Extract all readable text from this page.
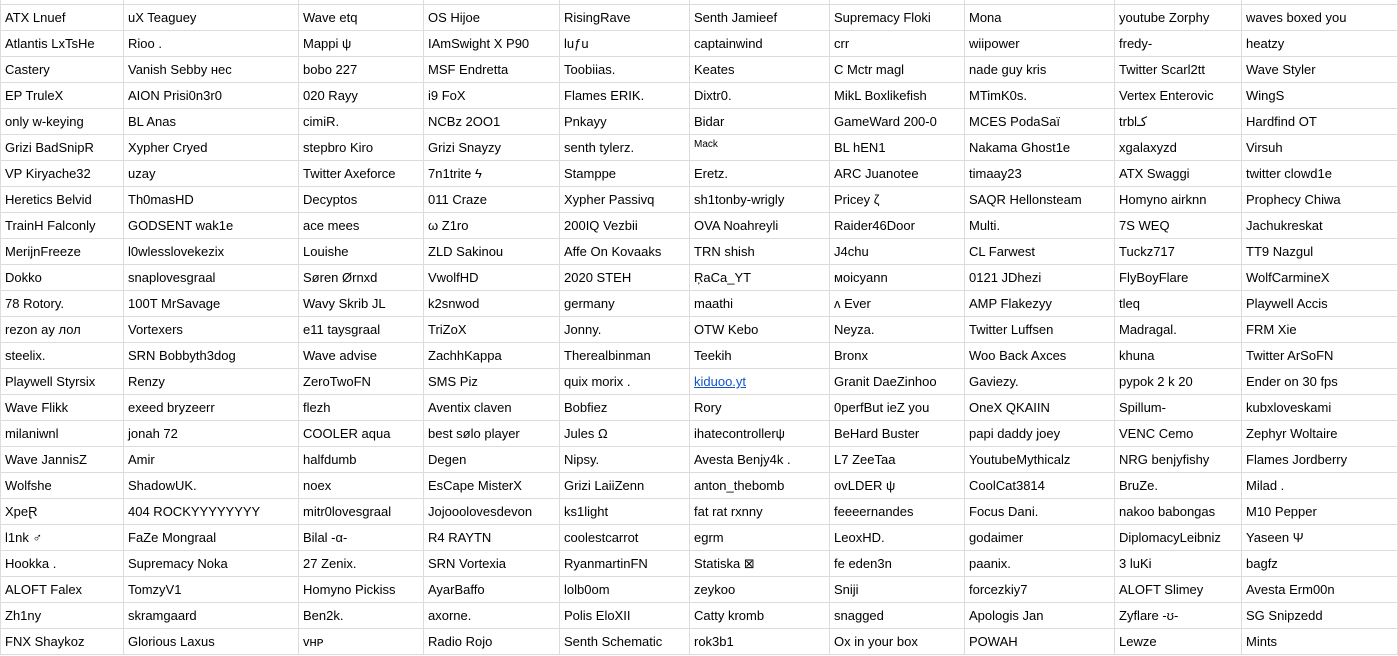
ATX Lnuef	uX Teaguey	Wave etq	OS Hijoe	RisingRave	Senth Jamieef	Supremacy Floki	Mona	youtube Zorphy	waves boxed you
Atlantis LxTsHe	Rioo .	Mappi ψ	IAmSwight X P90	luƒu	captainwind	crr	wiipower	fredy-	heatzy
Castery	Vanish Sebby нес	bobo 227	MSF Endretta	Toobiias.	Keates	C Mctr magl	nade guy kris	Twitter Scarl2tt	Wave Styler
EP TruleX	AION Prisi0n3r0	020 Rayy	i9 FoX	Flames ERIK.	Dixtr0.	MikL Boxlikefish	MTimK0s.	Vertex Enterovic	WingS
only w-keying	BL Anas	cimiR.	NCBz 2OO1	Pnkayy	Bidar	GameWard 200-0	MCES PodaSaï	trblكـ	Hardfind OT
Grizi BadSnipR	Xypher Cryed	stepbro Kiro	Grizi Snayzy	senth tylerz.	$^{Mack}$	BL hEN1	Nakama Ghost1e	xgalaxyzd	Virsuh
VP Kiryache32	uzay	Twitter Axeforce	7n1trite ϟ	Stamppe	Eretz.	ARC Juanotee	timaay23	ATX Swaggi	twitter clowd1e
Heretics Belvid	Th0masHD	Decyptos	011 Craze	Xypher Passivq	sh1tonby-wrigly	Pricey ζ	SAQR Hellonsteam	Homyno airknn	Prophecy Chiwa
TrainH Falconly	GODSENT wak1e	ace mees	ω Z1ro	200IQ Vezbii	OVA Noahreyli	Raider46Door	Multi.	7S WEQ	Jachukreskat
MerijnFreeze	l0wlesslovekezix	Louishe	ZLD Sakinou	Affe On Kovaaks	TRN shish	J4chu	CL Farwest	Tuckz717	TT9 Nazgul
Dokko	snaplovesgraal	Søren Ørnxd	VwolfHD	2020 STEH	ŖaCa_YT	мoicyann	0121 JDhezi	FlyBoyFlare	WolfCarmineX
78 Rotory.	100T MrSavage	Wavy Skrib JL	k2snwod	germany	maathi	ʌ Ever	AMP Flakezyy	tleq	Playwell Accis
rezon ay лол	Vortexers	e11 taysgraal	TriZoX	Jonny.	OTW Kebo	Neyza.	Twitter Luffsen	Madragal.	FRM Xie
steelix.	SRN Bobbyth3dog	Wave advise	ZachhKappa	Therealbinman	Teekih	Bronx	Woo Back Axces	khuna	Twitter ArSoFN
Playwell Styrsix	Renzy	ZeroTwoFN	SMS Piz	quix morix .	kiduoo.yt	Granit DaeZinhoo	Gaviezy.	pypok 2 k 20	Ender on 30 fps
Wave Flikk	exeed bryzeerr	flezh	Aventix claven	Bobfiez	Rory	0perfBut ieZ you	OneX QKAIIN	Spillum-	kubxloveskami
milaniwnl	jonah 72	COOLER aqua	best sølo player	Jules Ω	ihatecontrollerψ	BeHard Buster	papi daddy joey	VENC Cemo	Zephyr Woltaire
Wave JannisZ	Amir	halfdumb	Degen	Nipsy.	Avesta Benjy4k .	L7 ZeeTaa	YoutubeMythicalz	NRG benjyfishy	Flames Jordberry
Wolfshe	ShadowUK.	noex	EsCape MisterX	Grizi LaiiZenn	anton_thebomb	ovLDER ψ	CoolCat3814	BruZe.	Milad .
XpeⱤ	404 ROCKYYYYYYYY	mitr0lovesgraal	Jojooolovesdevon	ks1light	fat rat rxnny	feeeernandes	Focus Dani.	nakoo babongas	M10 Pepper
l1nk ♂	FaZe Mongraal	Bilal -α-	R4 RAYTN	coolestcarrot	egrm	LeoxHD.	godaimer	DiplomacyLeibniz	Yaseen Ψ
Hookka .	Supremacy Noka	27 Zenix.	SRN Vortexia	RyanmartinFN	Statiska ⊠	fe eden3n	paanix.	3 luKi	bagfz
ALOFT Falex	TomzyV1	Homyno Pickiss	AyarBaffo	lolb0om	zeykoo	Sniji	forcezkiy7	ALOFT Slimey	Avesta Erm00n
Zh1ny	skramgaard	Ben2k.	axorne.	Polis EloXII	Catty kromb	snagged	Apologis Jan	Zyflare -ʊ-	SG Snipzedd
FNX Shaykoz	Glorious Laxus	ᴠʜᴘ	Radio Rojo	Senth Schematic	rok3b1	Ox in your box	POWAH	Lewze	Mints
